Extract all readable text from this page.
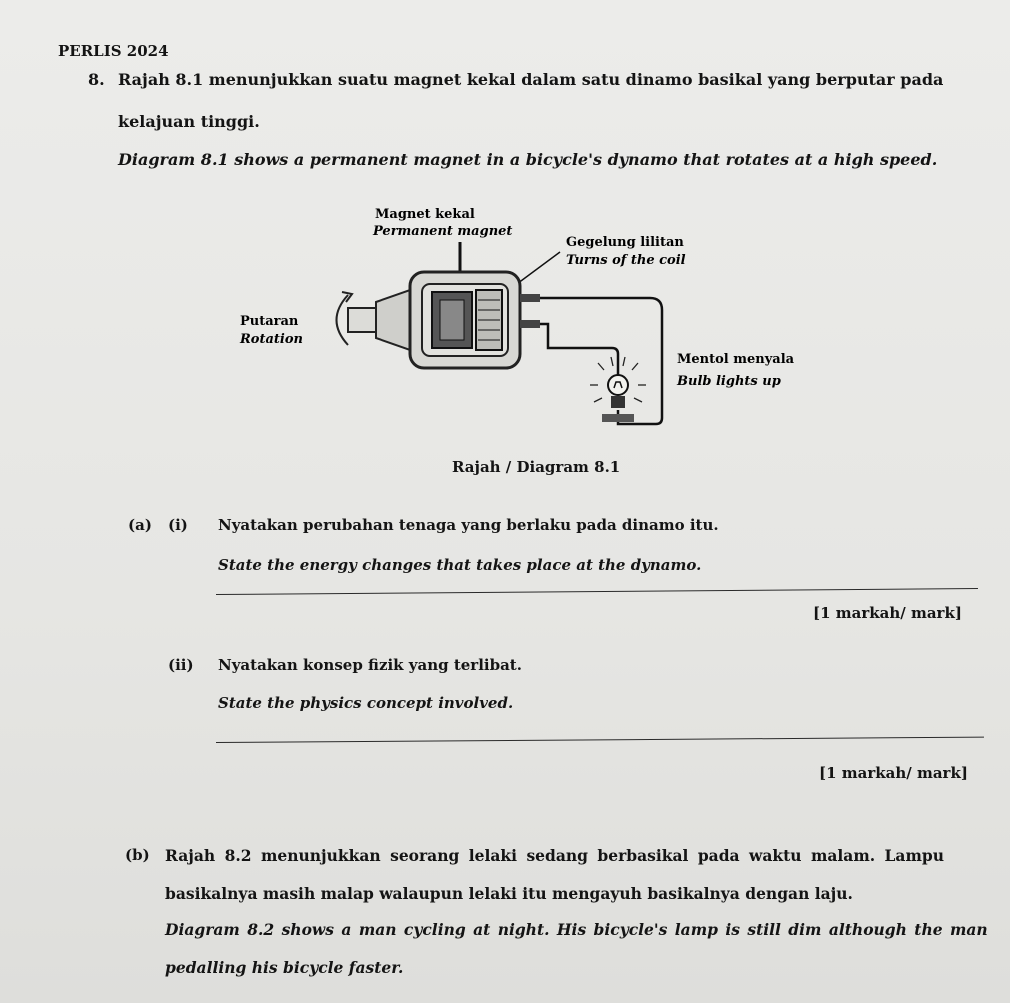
PERLIS 2024
8. Rajah 8.1 menunjukkan suatu magnet kekal dalam satu dinamo basikal yang berputar pada
kelajuan tinggi.
Diagram 8.1 shows a permanent magnet in a bicycle's dynamo that rotates at a high speed.
Magnet kekal
Permanent magnet
Gegelung lilitan
Turns of the coil
Putaran
Rotation
Mentol menyala
Bulb lights up
Rajah / Diagram 8.1
(a) (i) Nyatakan perubahan tenaga yang berlaku pada dinamo itu.
State the energy changes that takes place at the dynamo.
[1 markah/ mark]
(ii) Nyatakan konsep fizik yang terlibat.
State the physics concept involved.
[1 markah/ mark]
(b) Rajah 8.2 menunjukkan seorang lelaki sedang berbasikal pada waktu malam. Lampu
basikalnya masih malap walaupun lelaki itu mengayuh basikalnya dengan laju.
Diagram 8.2 shows a man cycling at night. His bicycle's lamp is still dim although the man
pedalling his bicycle faster.
